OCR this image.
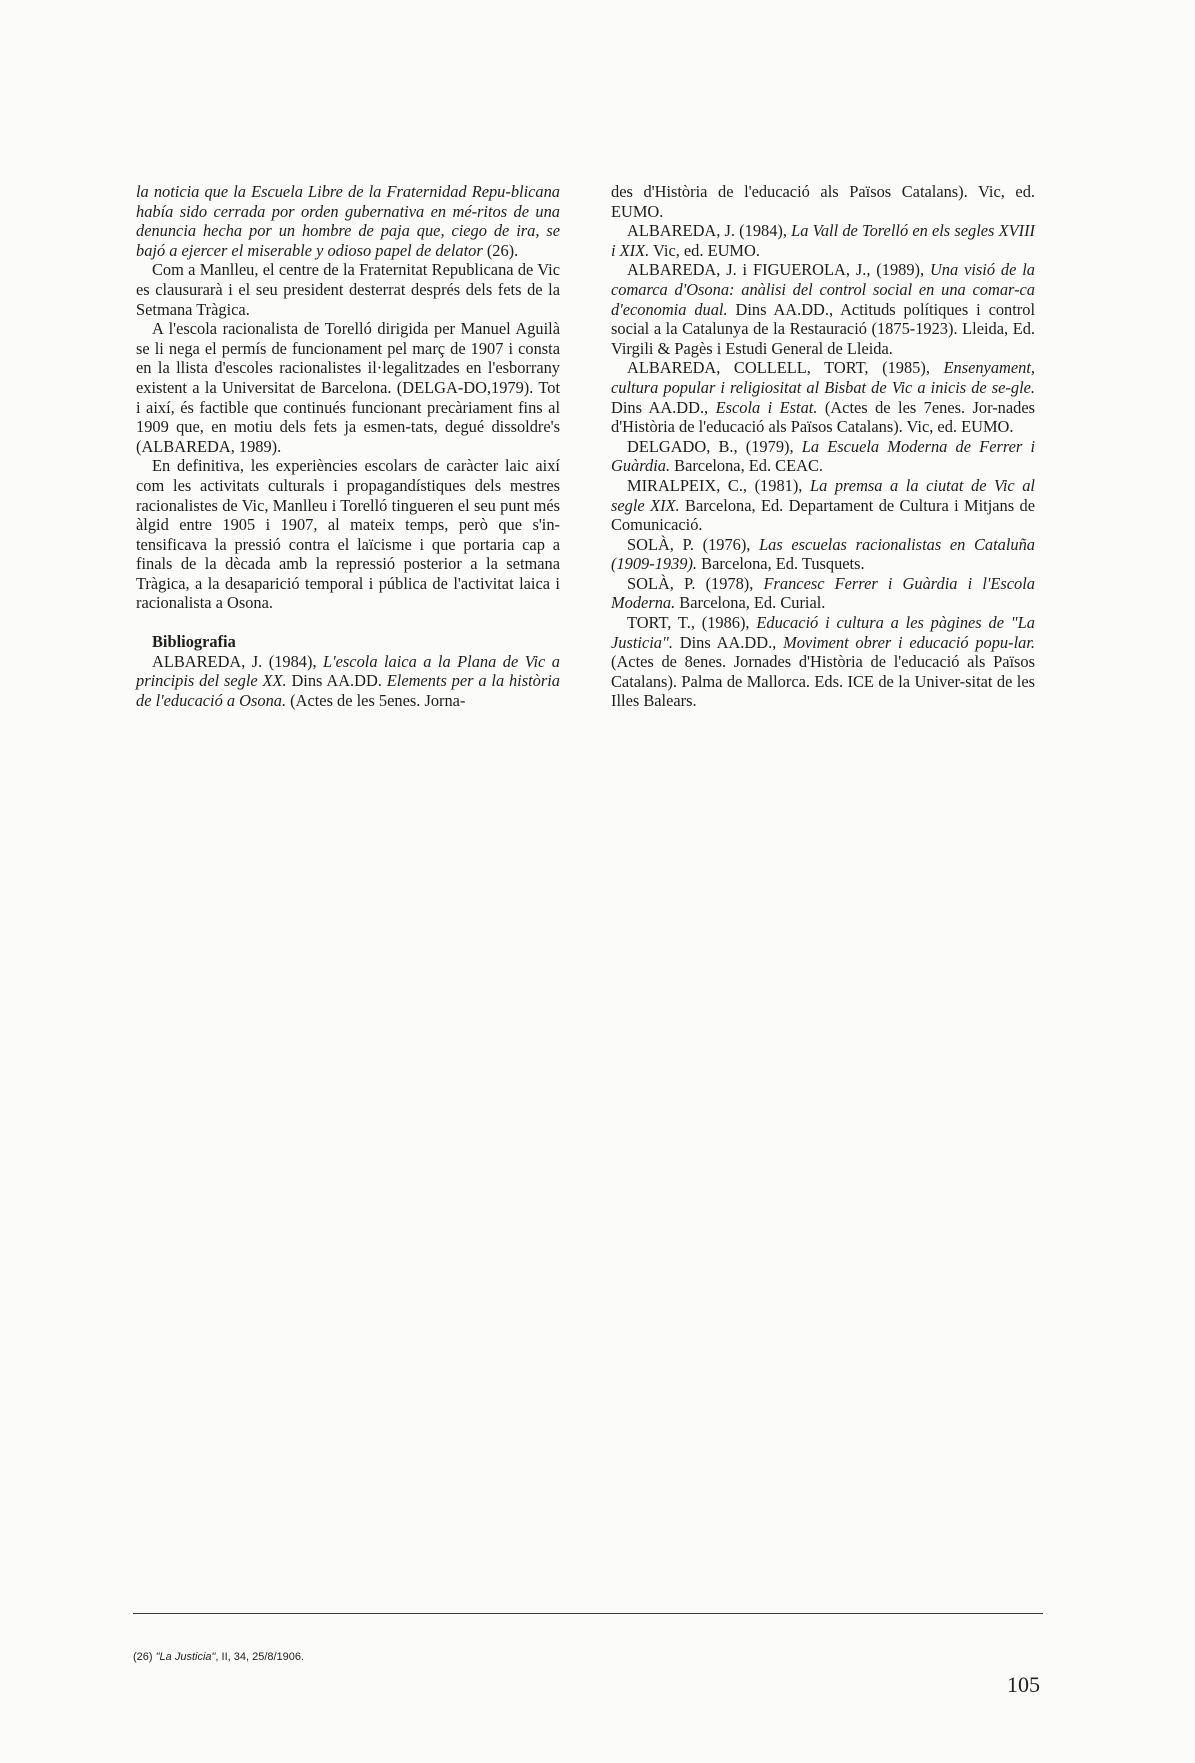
la noticia que la Escuela Libre de la Fraternidad Repu-blicana había sido cerrada por orden gubernativa en mé-ritos de una denuncia hecha por un hombre de paja que, ciego de ira, se bajó a ejercer el miserable y odioso papel de delator (26).

Com a Manlleu, el centre de la Fraternitat Republicana de Vic es clausurarà i el seu president desterrat després dels fets de la Setmana Tràgica.

A l'escola racionalista de Torelló dirigida per Manuel Aguilà se li nega el permís de funcionament pel març de 1907 i consta en la llista d'escoles racionalistes il·legalitzades en l'esborrany existent a la Universitat de Barcelona. (DELGA-DO,1979). Tot i així, és factible que continués funcionant precàriament fins al 1909 que, en motiu dels fets ja esmen-tats, degué dissoldre's (ALBAREDA, 1989).

En definitiva, les experiències escolars de caràcter laic així com les activitats culturals i propagandístiques dels mestres racionalistes de Vic, Manlleu i Torelló tingueren el seu punt més àlgid entre 1905 i 1907, al mateix temps, però que s'in-tensificava la pressió contra el laïcisme i que portaria cap a finals de la dècada amb la repressió posterior a la setmana Tràgica, a la desaparició temporal i pública de l'activitat laica i racionalista a Osona.

Bibliografia

ALBAREDA, J. (1984), L'escola laica a la Plana de Vic a principis del segle XX. Dins AA.DD. Elements per a la història de l'educació a Osona. (Actes de les 5enes. Jorna-

des d'Història de l'educació als Països Catalans). Vic, ed. EUMO.

ALBAREDA, J. (1984), La Vall de Torelló en els segles XVIII i XIX. Vic, ed. EUMO.

ALBAREDA, J. i FIGUEROLA, J., (1989), Una visió de la comarca d'Osona: anàlisi del control social en una comar-ca d'economia dual. Dins AA.DD., Actituds polítiques i control social a la Catalunya de la Restauració (1875-1923). Lleida, Ed. Virgili & Pagès i Estudi General de Lleida.

ALBAREDA, COLLELL, TORT, (1985), Ensenyament, cultura popular i religiositat al Bisbat de Vic a inicis de se-gle. Dins AA.DD., Escola i Estat. (Actes de les 7enes. Jor-nades d'Història de l'educació als Països Catalans). Vic, ed. EUMO.

DELGADO, B., (1979), La Escuela Moderna de Ferrer i Guàrdia. Barcelona, Ed. CEAC.

MIRALPEIX, C., (1981), La premsa a la ciutat de Vic al segle XIX. Barcelona, Ed. Departament de Cultura i Mitjans de Comunicació.

SOLÀ, P. (1976), Las escuelas racionalistas en Cataluña (1909-1939). Barcelona, Ed. Tusquets.

SOLÀ, P. (1978), Francesc Ferrer i Guàrdia i l'Escola Moderna. Barcelona, Ed. Curial.

TORT, T., (1986), Educació i cultura a les pàgines de "La Justicia". Dins AA.DD., Moviment obrer i educació popu-lar. (Actes de 8enes. Jornades d'Història de l'educació als Països Catalans). Palma de Mallorca. Eds. ICE de la Univer-sitat de les Illes Balears.

(26) "La Justicia", II, 34, 25/8/1906.
105
